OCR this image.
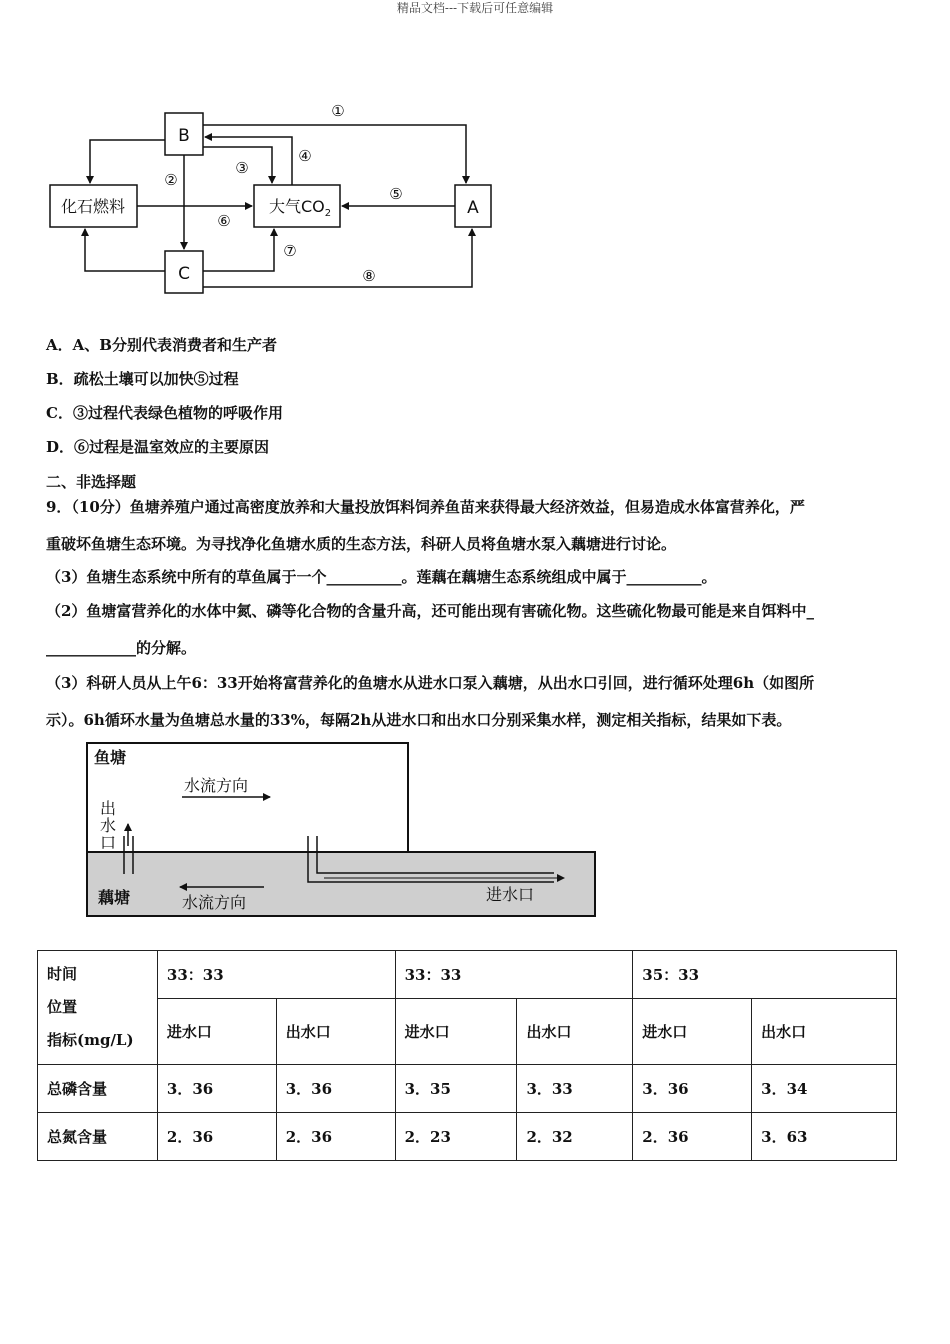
精品文档---下载后可任意编辑
B
A
C
化石燃料	大气$CO_2$
①
②
③
④
⑤
⑥
⑦
⑧
A．A、B分别代表消费者和生产者
B．疏松土壤可以加快⑤过程
C．③过程代表绿色植物的呼吸作用
D．⑥过程是温室效应的主要原因
二、非选择题
9．（10分）鱼塘养殖户通过高密度放养和大量投放饵料饲养鱼苗来获得最大经济效益，但易造成水体富营养化，严
重破坏鱼塘生态环境。为寻找净化鱼塘水质的生态方法，科研人员将鱼塘水泵入藕塘进行讨论。
（3）鱼塘生态系统中所有的草鱼属于一个__________。莲藕在藕塘生态系统组成中属于__________。
（2）鱼塘富营养化的水体中氮、磷等化合物的含量升高，还可能出现有害硫化物。这些硫化物最可能是来自饵料中_
____________的分解。
（3）科研人员从上午6：33开始将富营养化的鱼塘水从进水口泵入藕塘，从出水口引回，进行循环处理6h（如图所
示）。6h循环水量为鱼塘总水量的33%，每隔2h从进水口和出水口分别采集水样，测定相关指标，结果如下表。
鱼塘
水流方向
出
水
口
藕塘	水流方向	进水口
时间
位置
指标(mg/L)	33：33		33：33		35：33	
	进水口	出水口	进水口	出水口	进水口	出水口
总磷含量	3．36	3．36	3．35	3．33	3．36	3．34
总氮含量	2．36	2．36	2．23	2．32	2．36	3．63
